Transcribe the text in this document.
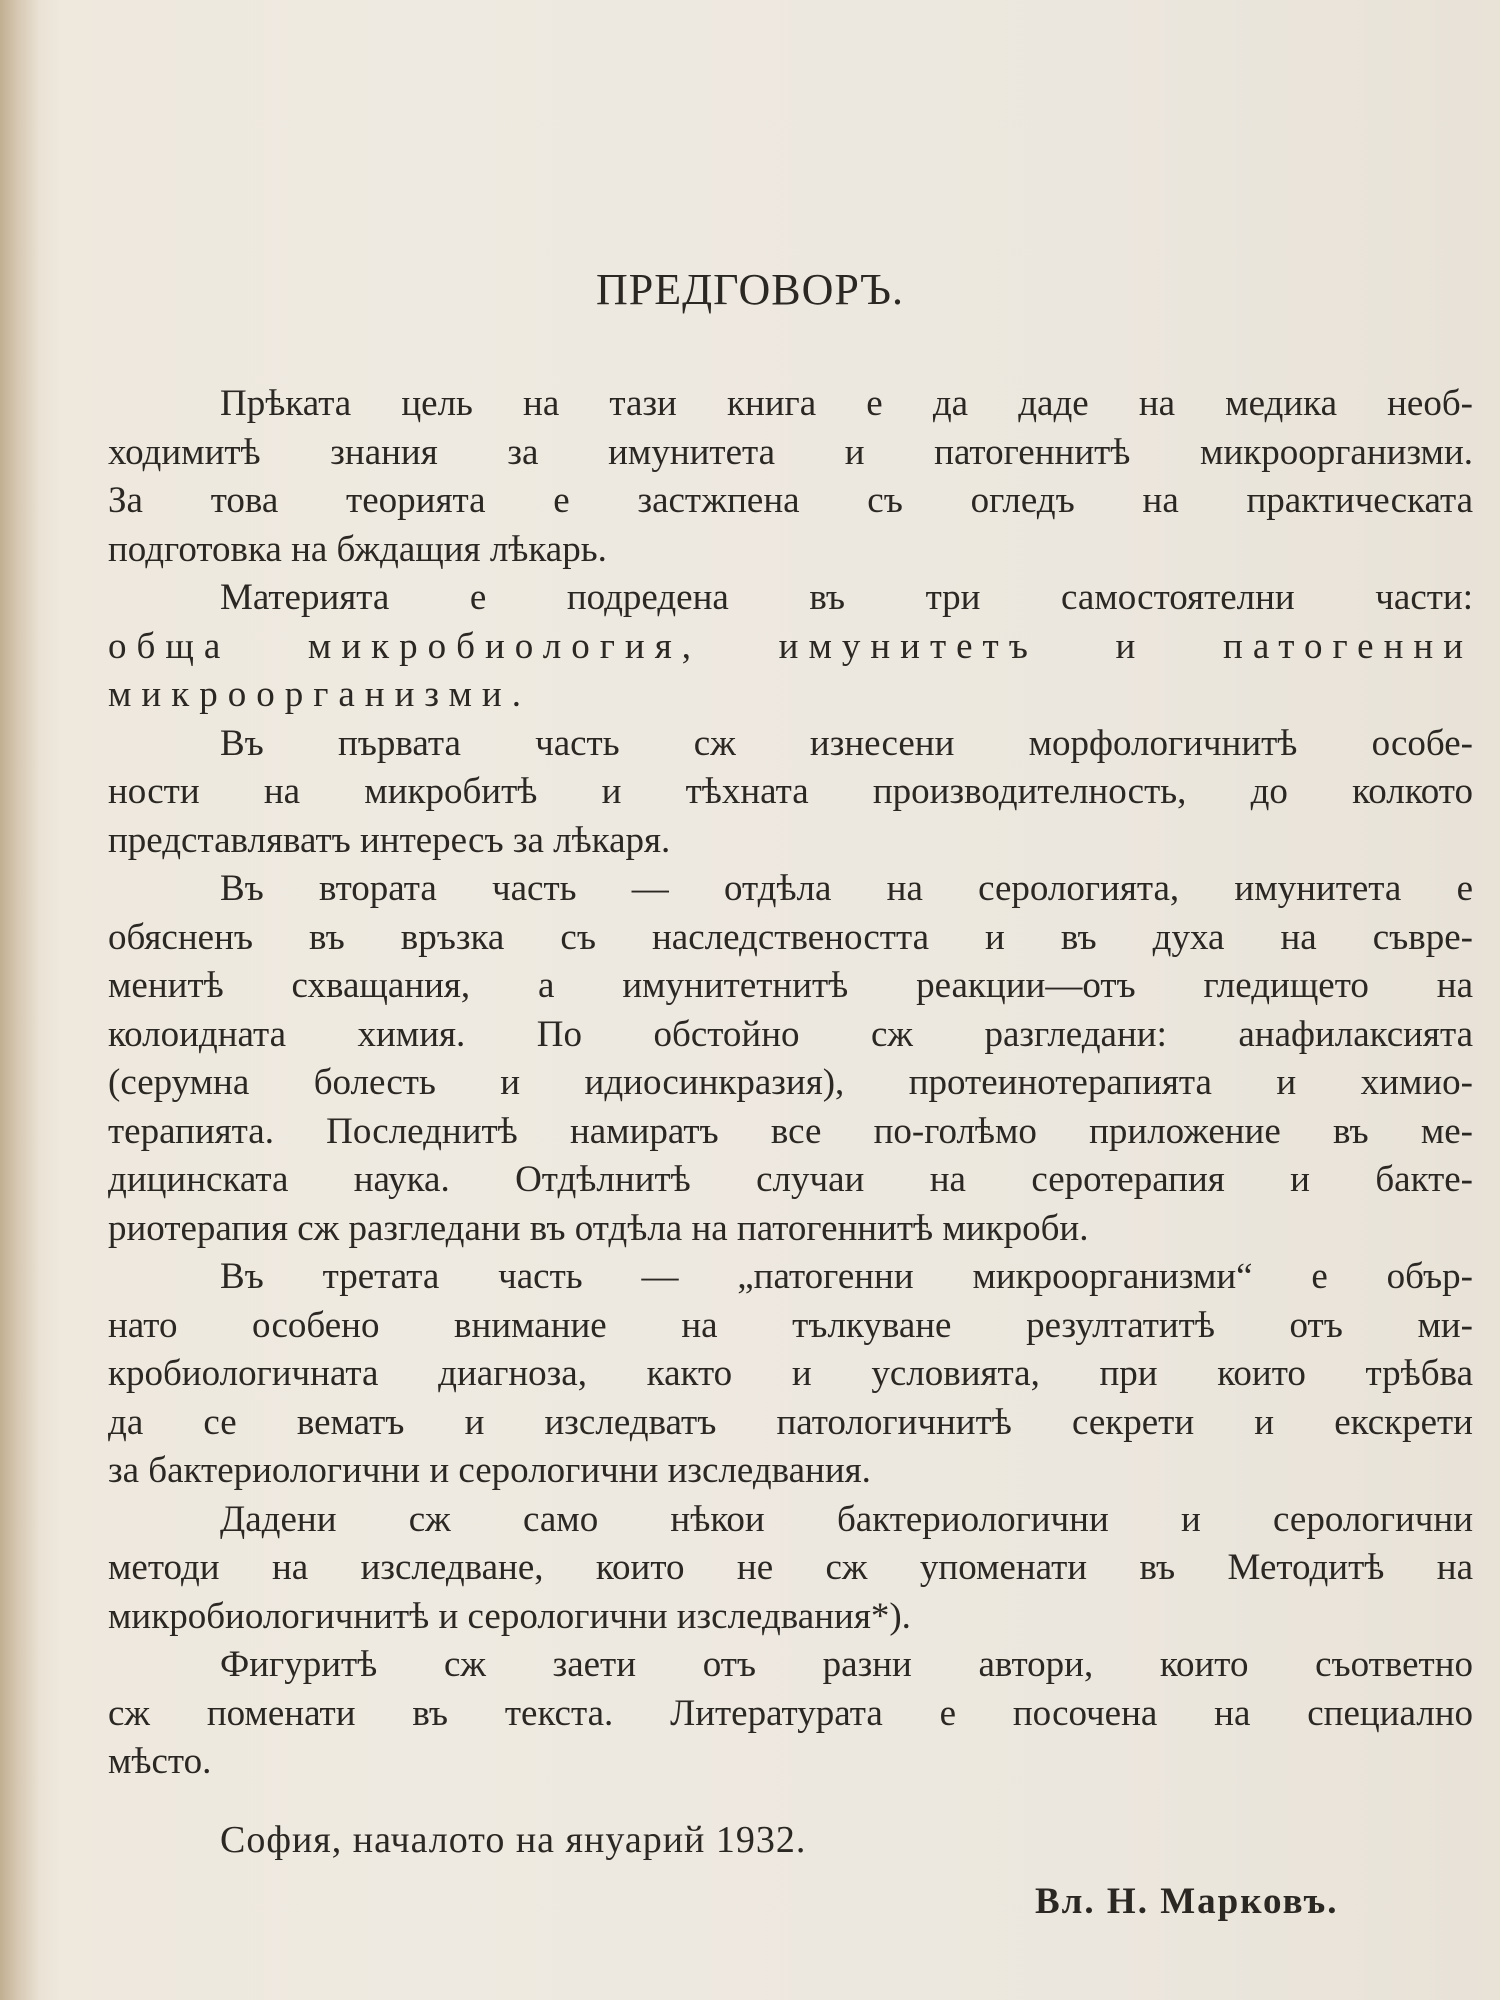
ПРЕДГОВОРЪ.
Прѣката цель на тази книга е да даде на медика необ-
ходимитѣ знания за имунитета и патогеннитѣ микроорганизми.
За това теорията е застжпена съ огледъ на практическата
подготовка на бждащия лѣкарь.
Материята е подредена въ три самостоятелни части:
обща микробиология, имунитетъ и патогенни
микроорганизми.
Въ първата часть сж изнесени морфологичнитѣ особе-
ности на микробитѣ и тѣхната производителность, до колкото
представляватъ интересъ за лѣкаря.
Въ втората часть — отдѣла на серологията, имунитета е
обясненъ въ връзка съ наследствеността и въ духа на съвре-
менитѣ схващания, а имунитетнитѣ реакции—отъ гледището на
колоидната химия. По обстойно сж разгледани: анафилаксията
(серумна болесть и идиосинкразия), протеинотерапията и химио-
терапията. Последнитѣ намиратъ все по-голѣмо приложение въ ме-
дицинската наука. Отдѣлнитѣ случаи на серотерапия и бакте-
риотерапия сж разгледани въ отдѣла на патогеннитѣ микроби.
Въ третата часть — „патогенни микроорганизми“ е обър-
нато особено внимание на тълкуване резултатитѣ отъ ми-
кробиологичната диагноза, както и условията, при които трѣбва
да се вематъ и изследватъ патологичнитѣ секрети и екскрети
за бактериологични и серологични изследвания.
Дадени сж само нѣкои бактериологични и серологични
методи на изследване, които не сж упоменати въ Методитѣ на
микробиологичнитѣ и серологични изследвания*).
Фигуритѣ сж заети отъ разни автори, които съответно
сж поменати въ текста. Литературата е посочена на специално
мѣсто.
София, началото на януарий 1932.
Вл. Н. Марковъ.
